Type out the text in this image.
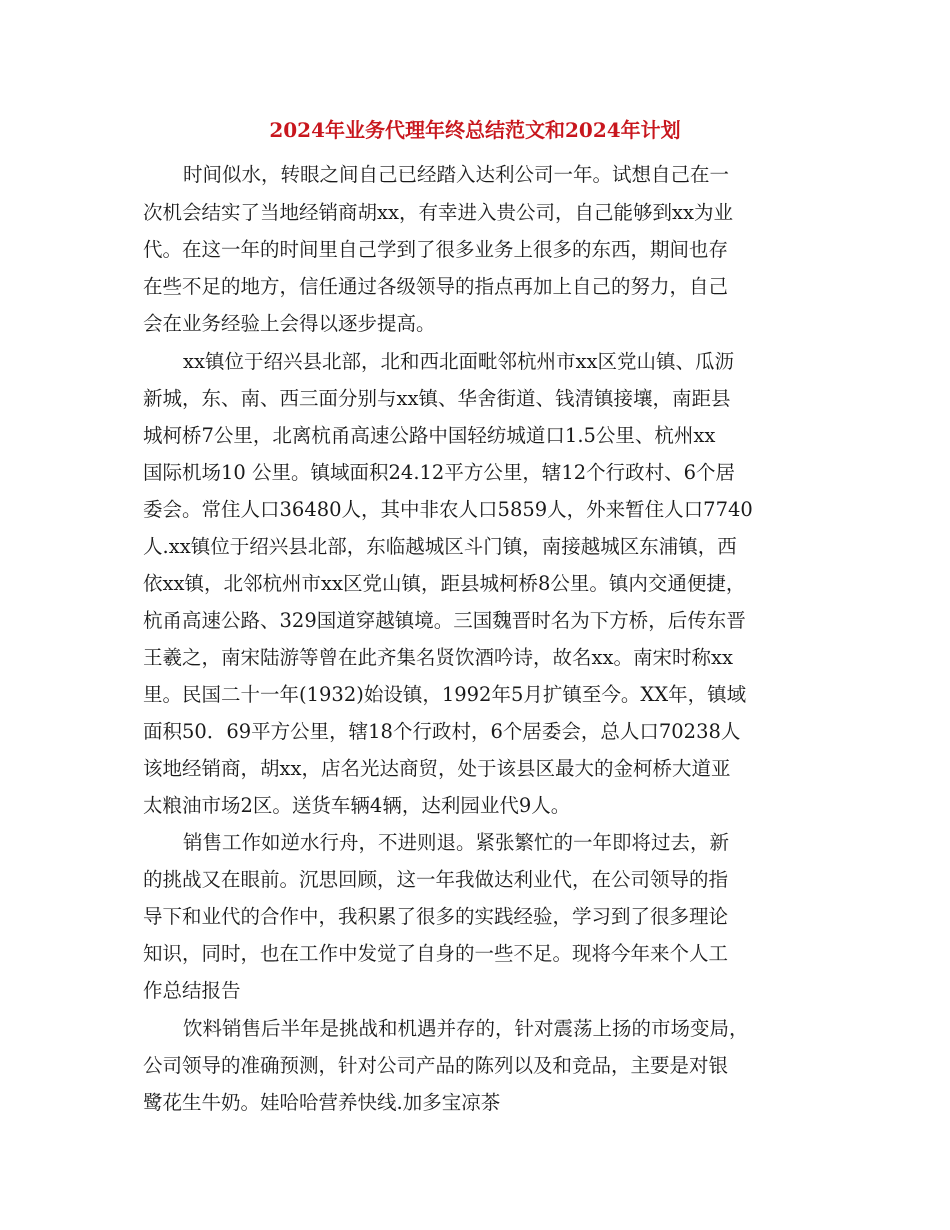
2024年业务代理年终总结范文和2024年计划
时间似水，转眼之间自己已经踏入达利公司一年。试想自己在一
次机会结实了当地经销商胡xx，有幸进入贵公司，自己能够到xx为业
代。在这一年的时间里自己学到了很多业务上很多的东西，期间也存
在些不足的地方，信任通过各级领导的指点再加上自己的努力，自己
会在业务经验上会得以逐步提高。
xx镇位于绍兴县北部，北和西北面毗邻杭州市xx区党山镇、瓜沥
新城，东、南、西三面分别与xx镇、华舍街道、钱清镇接壤，南距县
城柯桥7公里，北离杭甬高速公路中国轻纺城道口1.5公里、杭州xx
国际机场10 公里。镇域面积24.12平方公里，辖12个行政村、6个居
委会。常住人口36480人，其中非农人口5859人，外来暂住人口7740
人.xx镇位于绍兴县北部，东临越城区斗门镇，南接越城区东浦镇，西
依xx镇，北邻杭州市xx区党山镇，距县城柯桥8公里。镇内交通便捷，
杭甬高速公路、329国道穿越镇境。三国魏晋时名为下方桥，后传东晋
王羲之，南宋陆游等曾在此齐集名贤饮酒吟诗，故名xx。南宋时称xx
里。民国二十一年(1932)始设镇，1992年5月扩镇至今。XX年，镇域
面积50．69平方公里，辖18个行政村，6个居委会，总人口70238人
该地经销商，胡xx，店名光达商贸，处于该县区最大的金柯桥大道亚
太粮油市场2区。送货车辆4辆，达利园业代9人。
销售工作如逆水行舟，不进则退。紧张繁忙的一年即将过去，新
的挑战又在眼前。沉思回顾，这一年我做达利业代，在公司领导的指
导下和业代的合作中，我积累了很多的实践经验，学习到了很多理论
知识，同时，也在工作中发觉了自身的一些不足。现将今年来个人工
作总结报告
饮料销售后半年是挑战和机遇并存的，针对震荡上扬的市场变局，
公司领导的准确预测，针对公司产品的陈列以及和竞品，主要是对银
鹭花生牛奶。娃哈哈营养快线.加多宝凉茶
